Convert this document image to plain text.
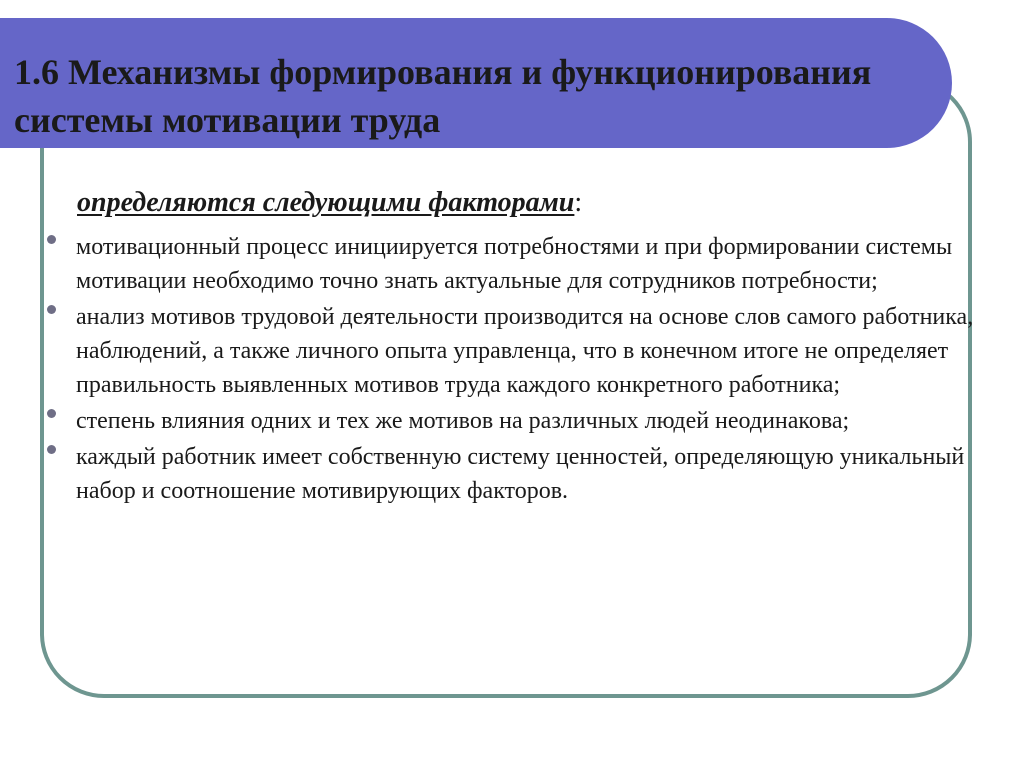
1.6 Механизмы формирования и функционирования системы мотивации труда
определяются следующими факторами:
мотивационный процесс инициируется потребностями и при формировании системы мотивации необходимо точно знать актуальные для сотрудников потребности;
анализ мотивов трудовой деятельности производится на основе слов самого работника, наблюдений, а также личного опыта управленца, что в конечном итоге не определяет правильность выявленных мотивов труда каждого конкретного работника;
степень влияния одних и тех же мотивов на различных людей неодинакова;
каждый работник имеет собственную систему ценностей, определяющую уникальный набор и соотношение мотивирующих факторов.
